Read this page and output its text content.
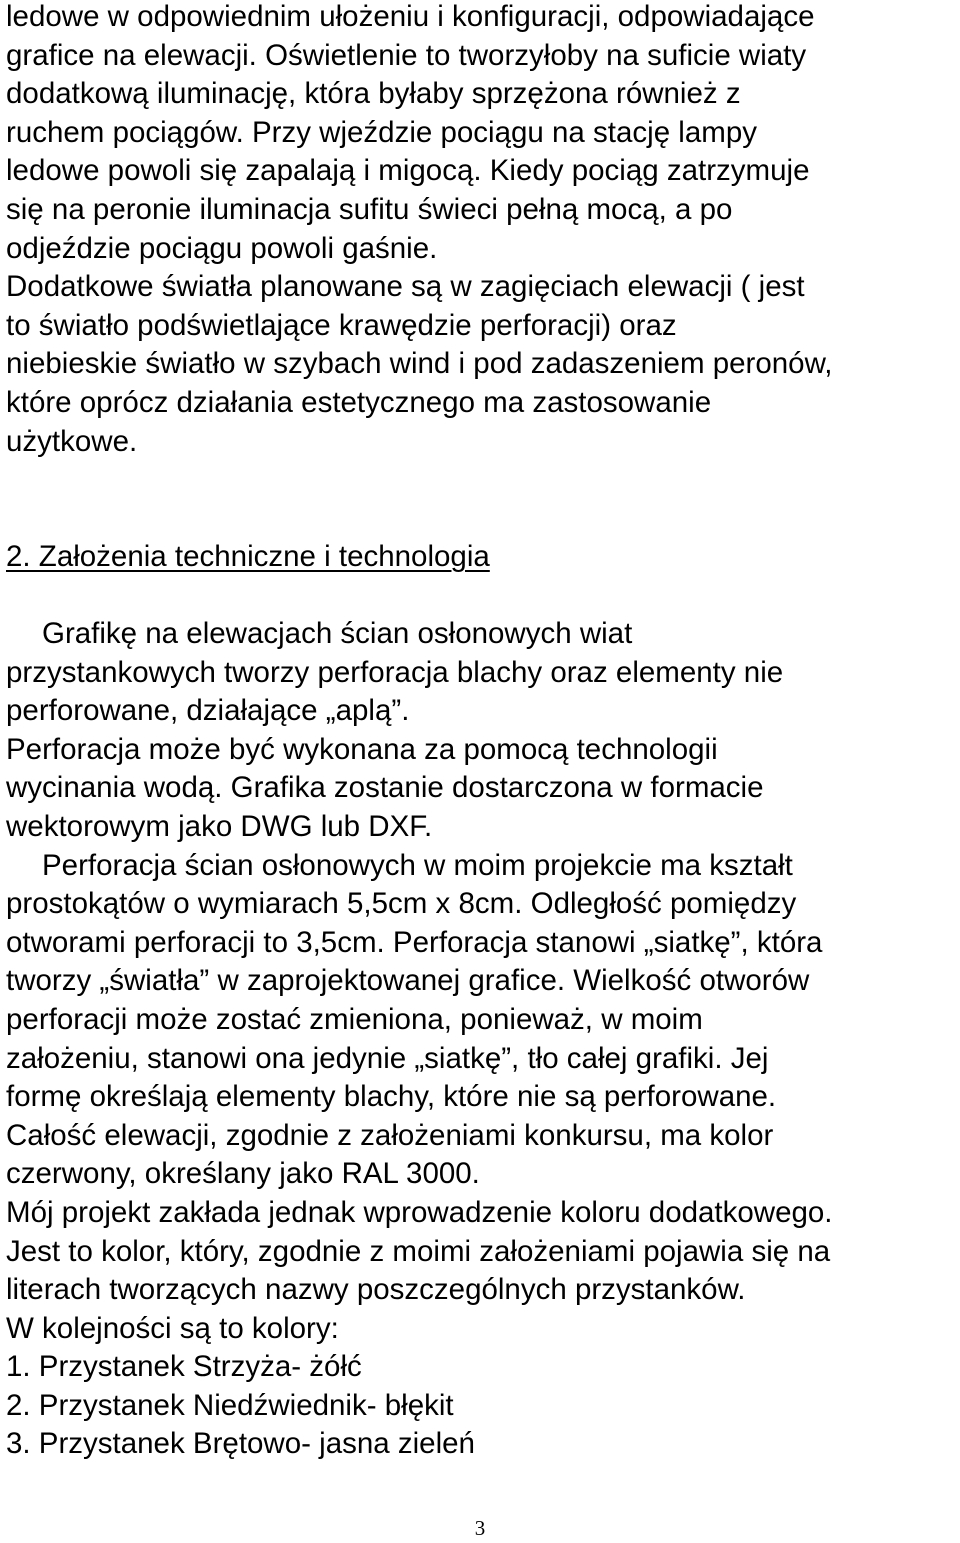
ledowe w odpowiednim ułożeniu i konfiguracji, odpowiadające
grafice na elewacji. Oświetlenie to tworzyłoby na suficie wiaty
dodatkową iluminację, która byłaby sprzężona również z
ruchem pociągów. Przy wjeździe pociągu na stację lampy
ledowe powoli się zapalają i migocą. Kiedy pociąg zatrzymuje
się na peronie iluminacja sufitu świeci pełną mocą, a po
odjeździe pociągu powoli gaśnie.
Dodatkowe światła planowane są w zagięciach elewacji ( jest
to światło podświetlające krawędzie perforacji) oraz
niebieskie światło w szybach wind i pod zadaszeniem peronów,
które oprócz działania estetycznego ma zastosowanie
użytkowe.
2. Założenia techniczne i technologia
Grafikę na elewacjach ścian osłonowych wiat
przystankowych tworzy perforacja blachy oraz elementy nie
perforowane, działające „aplą”.
Perforacja może być wykonana za pomocą technologii
wycinania wodą. Grafika zostanie dostarczona w formacie
wektorowym jako DWG lub DXF.
Perforacja ścian osłonowych w moim projekcie ma kształt
prostokątów o wymiarach 5,5cm x 8cm. Odległość pomiędzy
otworami perforacji to 3,5cm. Perforacja stanowi „siatkę”, która
tworzy „światła” w zaprojektowanej grafice. Wielkość otworów
perforacji może zostać zmieniona, ponieważ, w moim
założeniu, stanowi ona jedynie „siatkę”, tło całej grafiki. Jej
formę określają elementy blachy, które nie są perforowane.
Całość elewacji, zgodnie z założeniami konkursu, ma kolor
czerwony, określany jako RAL 3000.
Mój projekt zakłada jednak wprowadzenie koloru dodatkowego.
Jest to kolor, który, zgodnie z moimi założeniami pojawia się na
literach tworzących nazwy poszczególnych przystanków.
W kolejności są to kolory:
1. Przystanek Strzyża- żółć
2. Przystanek Niedźwiednik- błękit
3. Przystanek Brętowo- jasna zieleń
3
